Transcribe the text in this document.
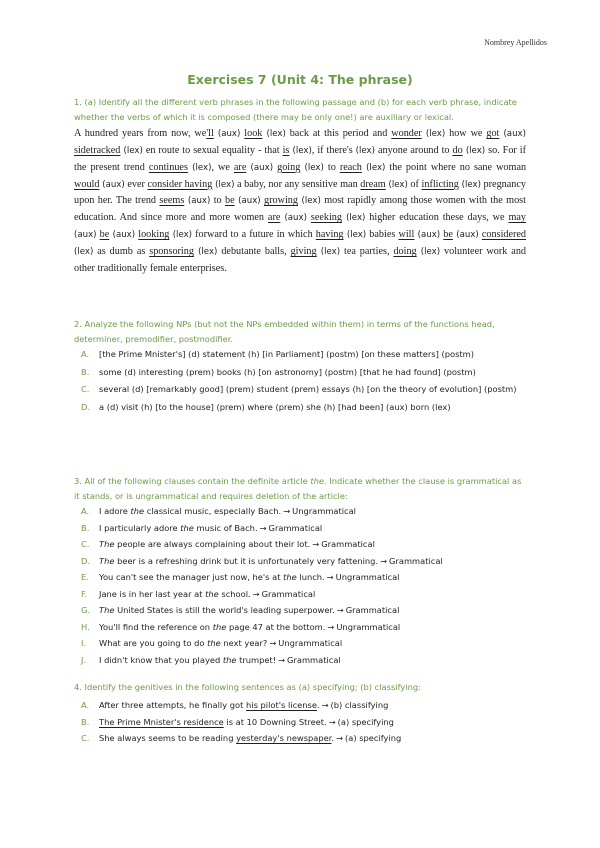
Nombrey Apellidos
Exercises 7 (Unit 4: The phrase)
1. (a) Identify all the different verb phrases in the following passage and (b) for each verb phrase, indicate whether the verbs of which it is composed (there may be only one!) are auxiliary or lexical.
A hundred years from now, we'll (aux) look (lex) back at this period and wonder (lex) how we got (aux) sidetracked (lex) en route to sexual equality - that is (lex), if there's (lex) anyone around to do (lex) so. For if the present trend continues (lex), we are (aux) going (lex) to reach (lex) the point where no sane woman would (aux) ever consider having (lex) a baby, nor any sensitive man dream (lex) of inflicting (lex) pregnancy upon her. The trend seems (aux) to be (aux) growing (lex) most rapidly among those women with the most education. And since more and more women are (aux) seeking (lex) higher education these days, we may (aux) be (aux) looking (lex) forward to a future in which having (lex) babies will (aux) be (aux) considered (lex) as dumb as sponsoring (lex) debutante balls, giving (lex) tea parties, doing (lex) volunteer work and other traditionally female enterprises.
2. Analyze the following NPs (but not the NPs embedded within them) in terms of the functions head, determiner, premodifier, postmodifier.
A. [the Prime Mnister's] (d) statement (h) [in Parliament] (postm) [on these matters] (postm)
B. some (d) interesting (prem) books (h) [on astronomy] (postm) [that he had found] (postm)
C. several (d) [remarkably good] (prem) student (prem) essays (h) [on the theory of evolution] (postm)
D. a (d) visit (h) [to the house] (prem) where (prem) she (h) [had been] (aux) born (lex)
3. All of the following clauses contain the definite article the. Indicate whether the clause is grammatical as it stands, or is ungrammatical and requires deletion of the article:
A. I adore the classical music, especially Bach. → Ungrammatical
B. I particularly adore the music of Bach. → Grammatical
C. The people are always complaining about their lot. → Grammatical
D. The beer is a refreshing drink but it is unfortunately very fattening. → Grammatical
E. You can't see the manager just now, he's at the lunch. → Ungrammatical
F. Jane is in her last year at the school. → Grammatical
G. The United States is still the world's leading superpower. → Grammatical
H. You'll find the reference on the page 47 at the bottom. → Ungrammatical
I. What are you going to do the next year? → Ungrammatical
J. I didn't know that you played the trumpet! → Grammatical
4. Identify the genitives in the following sentences as (a) specifying; (b) classifying:
A. After three attempts, he finally got his pilot's license. → (b) classifying
B. The Prime Mnister's residence is at 10 Downing Street. → (a) specifying
C. She always seems to be reading yesterday's newspaper. → (a) specifying
